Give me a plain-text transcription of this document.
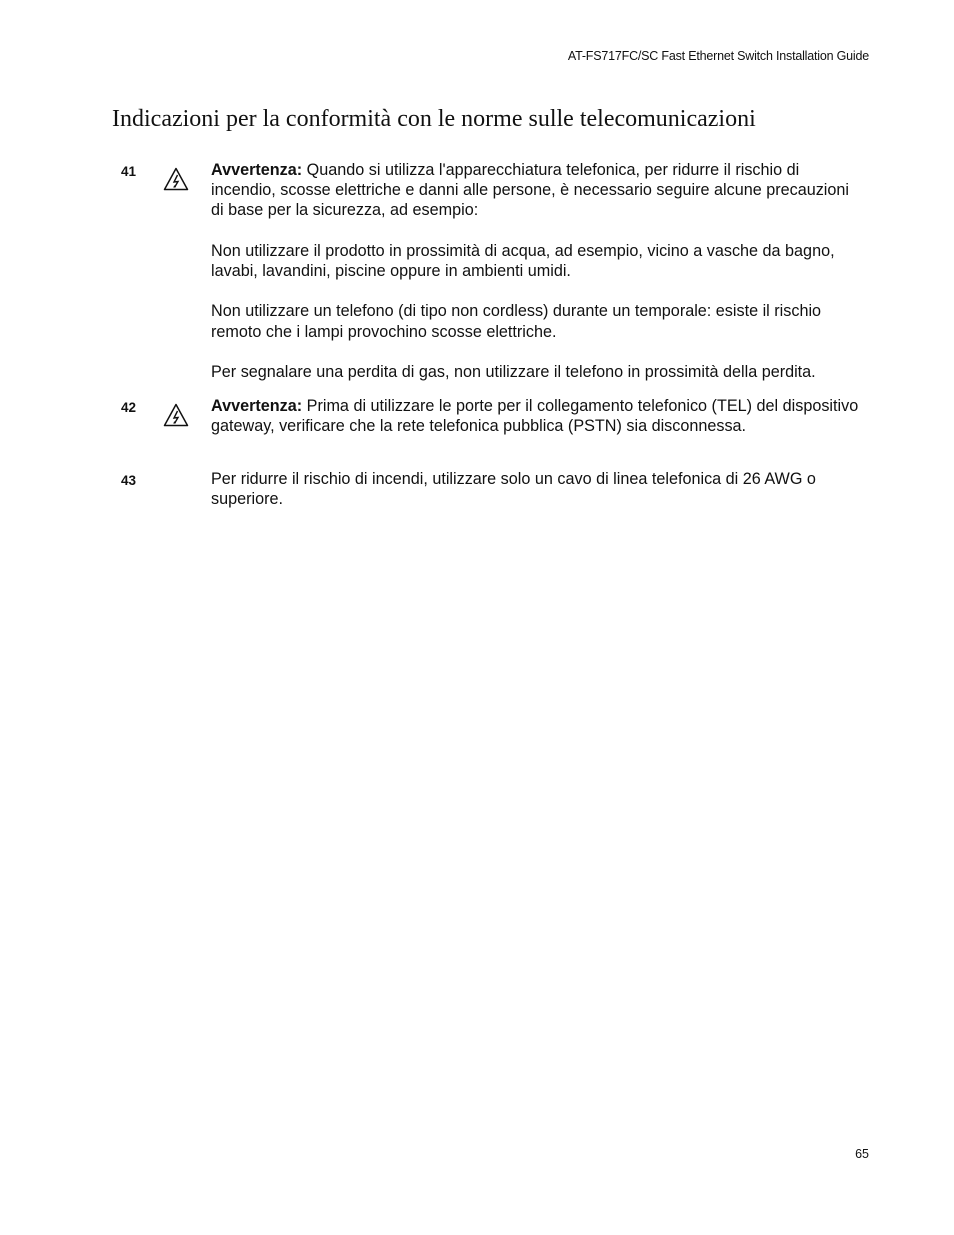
AT-FS717FC/SC Fast Ethernet Switch Installation Guide
Indicazioni per la conformità con le norme sulle telecomunicazioni
41	Avvertenza: Quando si utilizza l'apparecchiatura telefonica, per ridurre il rischio di incendio, scosse elettriche e danni alle persone, è necessario seguire alcune precauzioni di base per la sicurezza, ad esempio:

Non utilizzare il prodotto in prossimità di acqua, ad esempio, vicino a vasche da bagno, lavabi, lavandini, piscine oppure in ambienti umidi.

Non utilizzare un telefono (di tipo non cordless) durante un temporale: esiste il rischio remoto che i lampi provochino scosse elettriche.

Per segnalare una perdita di gas, non utilizzare il telefono in prossimità della perdita.

42	Avvertenza: Prima di utilizzare le porte per il collegamento telefonico (TEL) del dispositivo gateway, verificare che la rete telefonica pubblica (PSTN) sia disconnessa.

43	Per ridurre il rischio di incendi, utilizzare solo un cavo di linea telefonica di 26 AWG o superiore.

65
